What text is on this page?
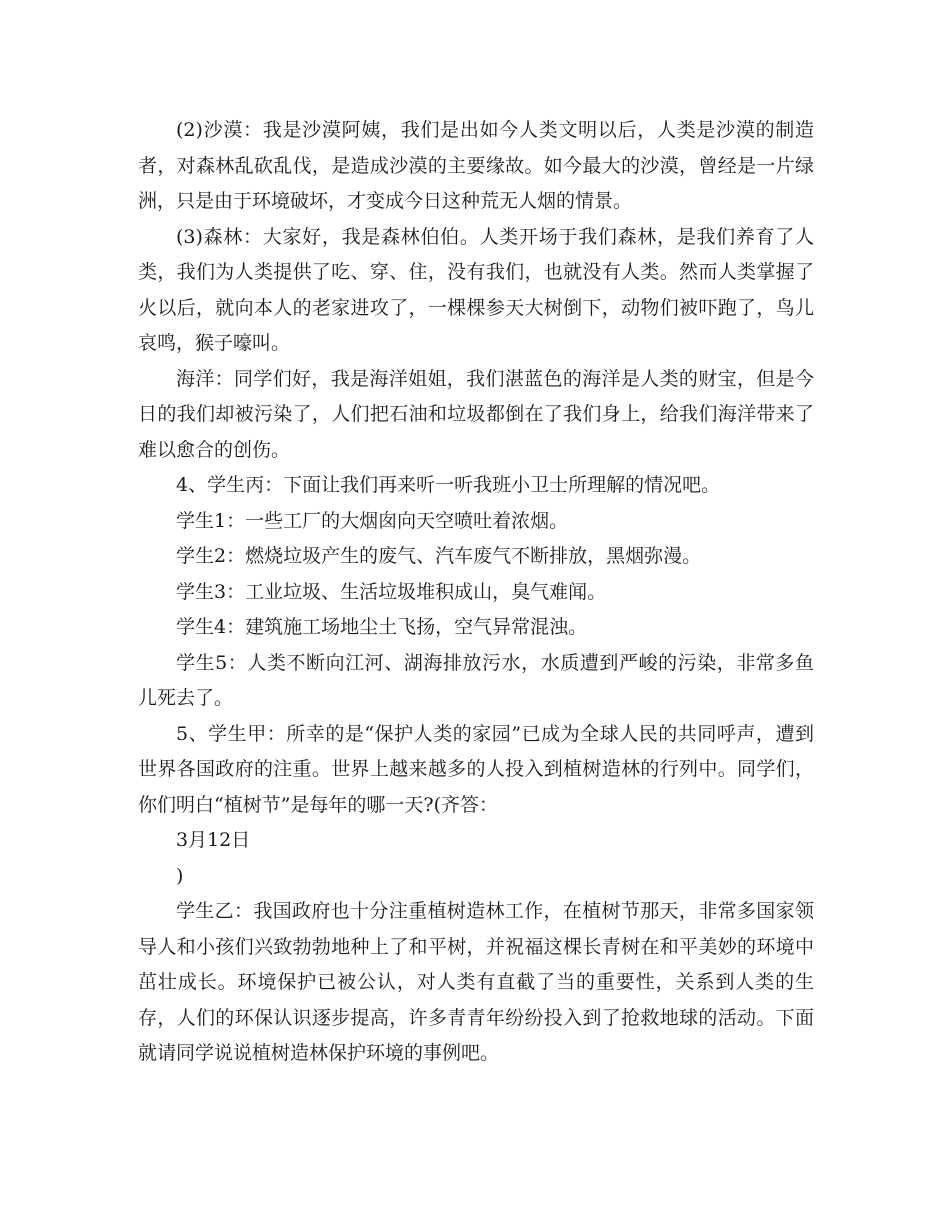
(2)沙漠：我是沙漠阿姨，我们是出如今人类文明以后，人类是沙漠的制造者，对森林乱砍乱伐，是造成沙漠的主要缘故。如今最大的沙漠，曾经是一片绿洲，只是由于环境破坏，才变成今日这种荒无人烟的情景。

(3)森林：大家好，我是森林伯伯。人类开场于我们森林，是我们养育了人类，我们为人类提供了吃、穿、住，没有我们，也就没有人类。然而人类掌握了火以后，就向本人的老家进攻了，一棵棵参天大树倒下，动物们被吓跑了，鸟儿哀鸣，猴子嚎叫。

海洋：同学们好，我是海洋姐姐，我们湛蓝色的海洋是人类的财宝，但是今日的我们却被污染了，人们把石油和垃圾都倒在了我们身上，给我们海洋带来了难以愈合的创伤。

4、学生丙：下面让我们再来听一听我班小卫士所理解的情况吧。

学生1：一些工厂的大烟囱向天空喷吐着浓烟。

学生2：燃烧垃圾产生的废气、汽车废气不断排放，黑烟弥漫。

学生3：工业垃圾、生活垃圾堆积成山，臭气难闻。

学生4：建筑施工场地尘土飞扬，空气异常混浊。

学生5：人类不断向江河、湖海排放污水，水质遭到严峻的污染，非常多鱼儿死去了。

5、学生甲：所幸的是“保护人类的家园”已成为全球人民的共同呼声，遭到世界各国政府的注重。世界上越来越多的人投入到植树造林的行列中。同学们，你们明白“植树节”是每年的哪一天?(齐答：

3月12日

)

学生乙：我国政府也十分注重植树造林工作，在植树节那天，非常多国家领导人和小孩们兴致勃勃地种上了和平树，并祝福这棵长青树在和平美妙的环境中茁壮成长。环境保护已被公认，对人类有直截了当的重要性，关系到人类的生存，人们的环保认识逐步提高，许多青青年纷纷投入到了抢救地球的活动。下面就请同学说说植树造林保护环境的事例吧。
